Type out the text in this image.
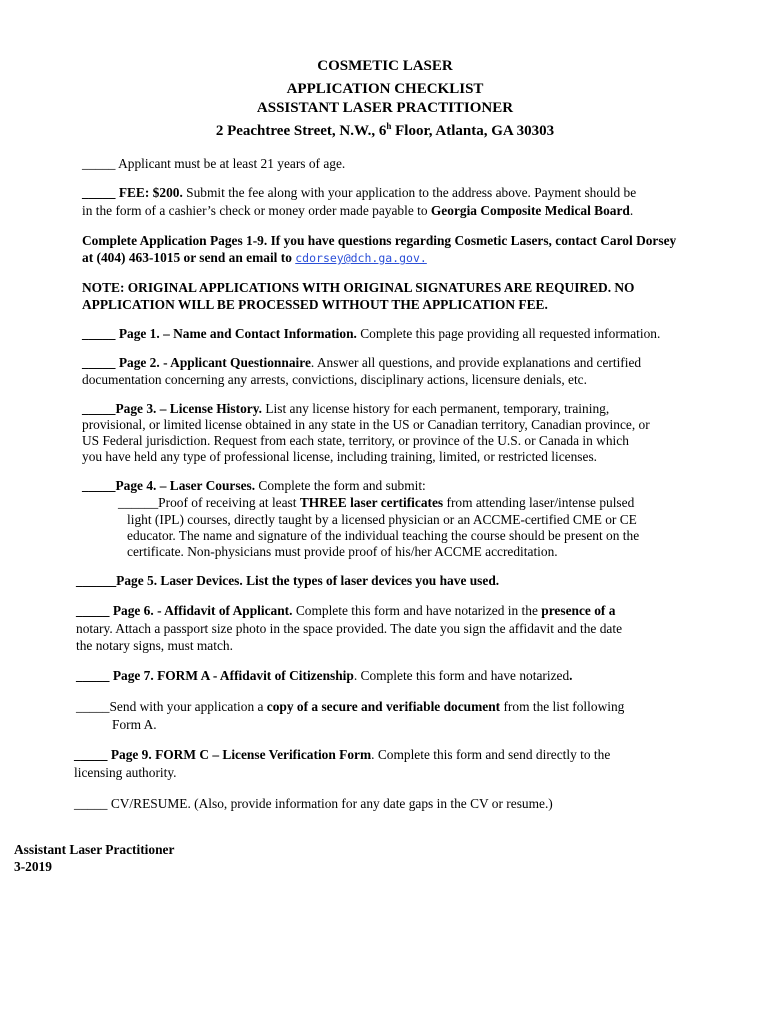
COSMETIC LASER
APPLICATION CHECKLIST
ASSISTANT LASER PRACTITIONER
2 Peachtree Street, N.W., 6$^h$ Floor, Atlanta, GA 30303
_____ Applicant must be at least 21 years of age.
_____ FEE: $200. Submit the fee along with your application to the address above. Payment should be
in the form of a cashier’s check or money order made payable to Georgia Composite Medical Board.
Complete Application Pages 1-9. If you have questions regarding Cosmetic Lasers, contact Carol Dorsey
at (404) 463-1015 or send an email to cdorsey@dch.ga.gov.
NOTE: ORIGINAL APPLICATIONS WITH ORIGINAL SIGNATURES ARE REQUIRED. NO
APPLICATION WILL BE PROCESSED WITHOUT THE APPLICATION FEE.
_____ Page 1. – Name and Contact Information. Complete this page providing all requested information.
_____ Page 2. - Applicant Questionnaire. Answer all questions, and provide explanations and certified
documentation concerning any arrests, convictions, disciplinary actions, licensure denials, etc.
_____Page 3. – License History. List any license history for each permanent, temporary, training,
provisional, or limited license obtained in any state in the US or Canadian territory, Canadian province, or
US Federal jurisdiction. Request from each state, territory, or province of the U.S. or Canada in which
you have held any type of professional license, including training, limited, or restricted licenses.
_____Page 4. – Laser Courses. Complete the form and submit:
______Proof of receiving at least THREE laser certificates from attending laser/intense pulsed
light (IPL) courses, directly taught by a licensed physician or an ACCME-certified CME or CE
educator. The name and signature of the individual teaching the course should be present on the
certificate. Non-physicians must provide proof of his/her ACCME accreditation.
______Page 5. Laser Devices. List the types of laser devices you have used.
_____ Page 6. - Affidavit of Applicant. Complete this form and have notarized in the presence of a
notary. Attach a passport size photo in the space provided. The date you sign the affidavit and the date
the notary signs, must match.
_____ Page 7. FORM A - Affidavit of Citizenship. Complete this form and have notarized.
_____Send with your application a copy of a secure and verifiable document from the list following
Form A.
_____ Page 9. FORM C – License Verification Form. Complete this form and send directly to the
licensing authority.
_____ CV/RESUME. (Also, provide information for any date gaps in the CV or resume.)
Assistant Laser Practitioner
3-2019
